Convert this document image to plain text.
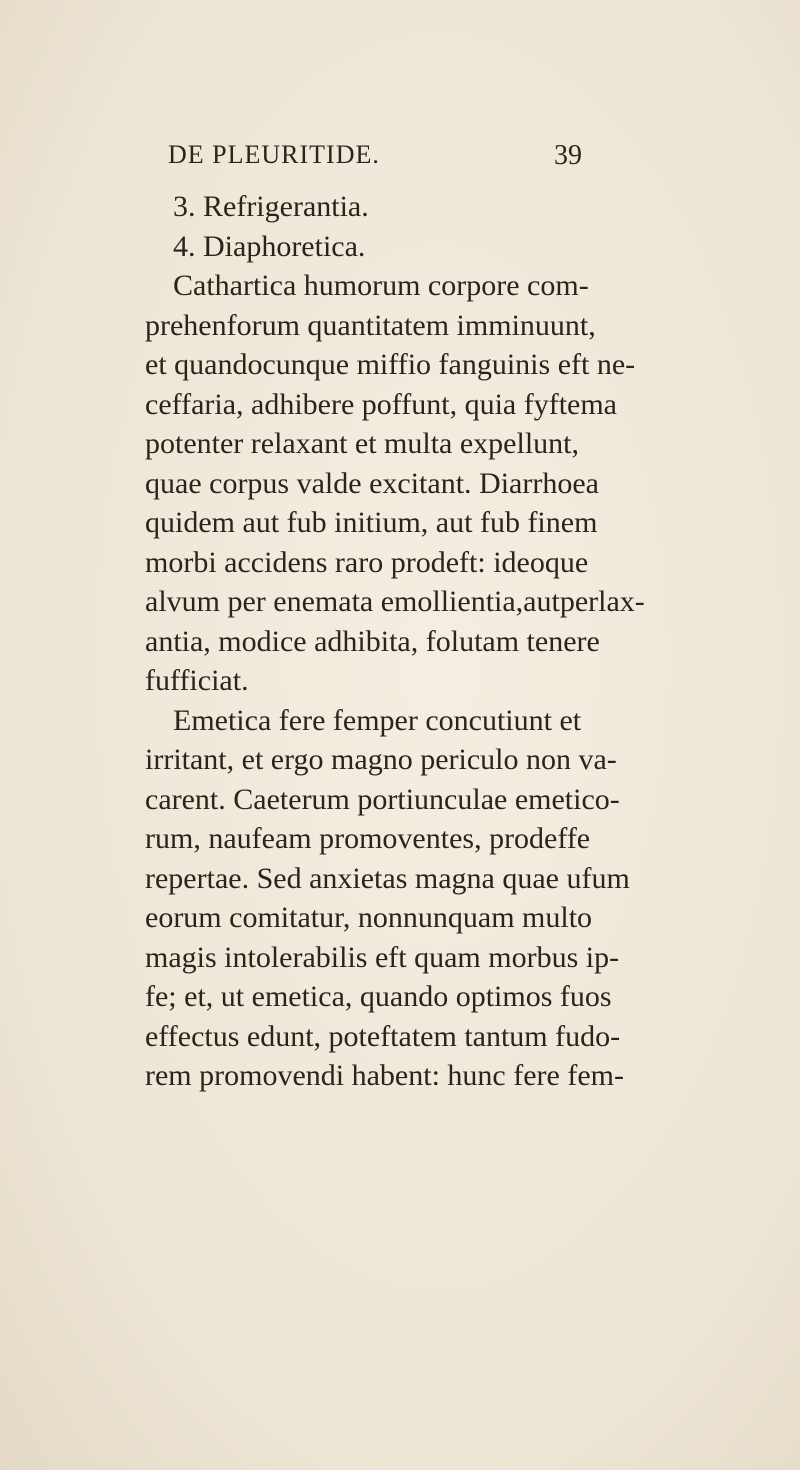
DE PLEURITIDE.	39
3. Refrigerantia.
4. Diaphoretica.
Cathartica humorum corpore com-
prehenforum quantitatem imminuunt,
et quandocunque miffio fanguinis eft ne-
ceffaria, adhibere poffunt, quia fyftema
potenter relaxant et multa expellunt,
quae corpus valde excitant. Diarrhoea
quidem aut fub initium, aut fub finem
morbi accidens raro prodeft: ideoque
alvum per enemata emollientia,autperlax-
antia, modice adhibita, folutam tenere
fufficiat.
Emetica fere femper concutiunt et
irritant, et ergo magno periculo non va-
carent. Caeterum portiunculae emetico-
rum, naufeam promoventes, prodeffe
repertae. Sed anxietas magna quae ufum
eorum comitatur, nonnunquam multo
magis intolerabilis eft quam morbus ip-
fe; et, ut emetica, quando optimos fuos
effectus edunt, poteftatem tantum fudo-
rem promovendi habent: hunc fere fem-
